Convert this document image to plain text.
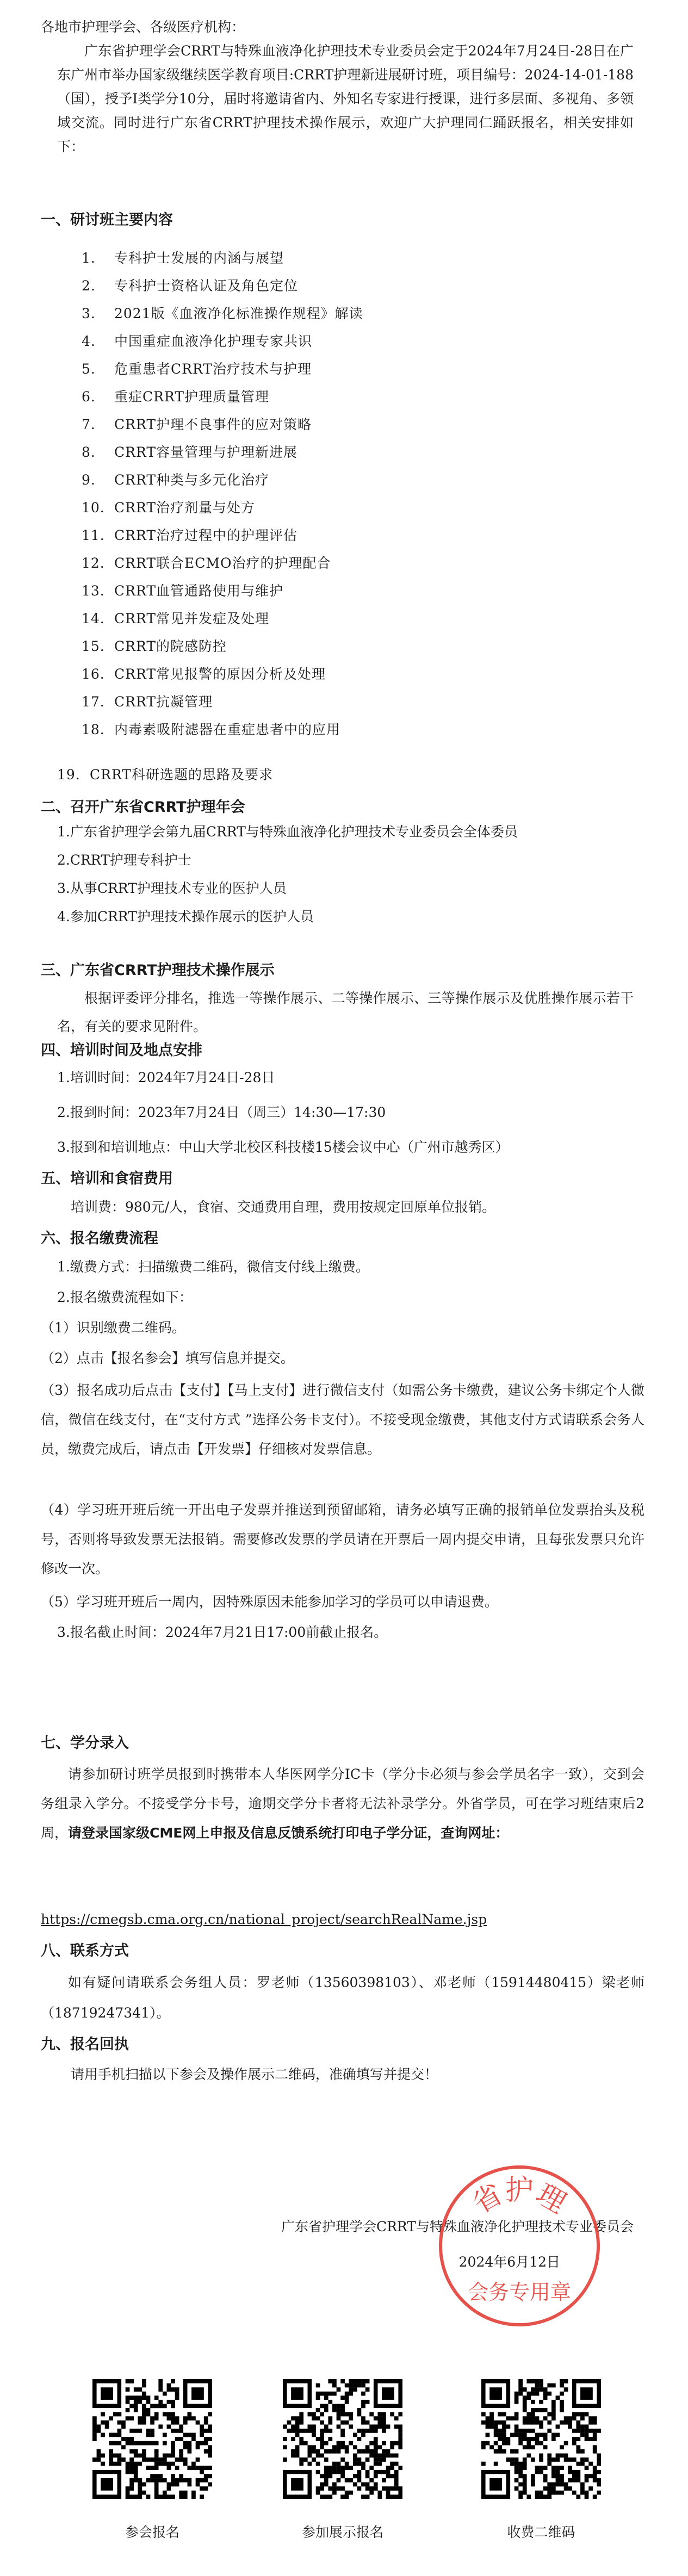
各地市护理学会、各级医疗机构：
广东省护理学会CRRT与特殊血液净化护理技术专业委员会定于2024年7月24日-28日在广东广州市举办国家级继续医学教育项目:CRRT护理新进展研讨班，项目编号：2024-14-01-188（国），授予I类学分10分，届时将邀请省内、外知名专家进行授课，进行多层面、多视角、多领域交流。同时进行广东省CRRT护理技术操作展示，欢迎广大护理同仁踊跃报名，相关安排如下：
一、研讨班主要内容
1. 专科护士发展的内涵与展望
2. 专科护士资格认证及角色定位
3. 2021版《血液净化标准操作规程》解读
4. 中国重症血液净化护理专家共识
5. 危重患者CRRT治疗技术与护理
6. 重症CRRT护理质量管理
7. CRRT护理不良事件的应对策略
8. CRRT容量管理与护理新进展
9. CRRT种类与多元化治疗
10. CRRT治疗剂量与处方
11. CRRT治疗过程中的护理评估
12. CRRT联合ECMO治疗的护理配合
13. CRRT血管通路使用与维护
14. CRRT常见并发症及处理
15. CRRT的院感防控
16. CRRT常见报警的原因分析及处理
17. CRRT抗凝管理
18. 内毒素吸附滤器在重症患者中的应用
19. CRRT科研选题的思路及要求
二、召开广东省CRRT护理年会
1.广东省护理学会第九届CRRT与特殊血液净化护理技术专业委员会全体委员
2.CRRT护理专科护士
3.从事CRRT护理技术专业的医护人员
4.参加CRRT护理技术操作展示的医护人员
三、广东省CRRT护理技术操作展示
根据评委评分排名，推选一等操作展示、二等操作展示、三等操作展示及优胜操作展示若干名，有关的要求见附件。
四、培训时间及地点安排
1.培训时间：2024年7月24日-28日
2.报到时间：2023年7月24日（周三）14:30—17:30
3.报到和培训地点：中山大学北校区科技楼15楼会议中心（广州市越秀区）
五、培训和食宿费用
培训费：980元/人，食宿、交通费用自理，费用按规定回原单位报销。
六、报名缴费流程
1.缴费方式：扫描缴费二维码，微信支付线上缴费。
2.报名缴费流程如下：
（1）识别缴费二维码。
（2）点击【报名参会】填写信息并提交。
（3）报名成功后点击【支付】【马上支付】进行微信支付（如需公务卡缴费，建议公务卡绑定个人微信，微信在线支付，在“支付方式 ”选择公务卡支付）。不接受现金缴费，其他支付方式请联系会务人员，缴费完成后，请点击【开发票】仔细核对发票信息。
（4）学习班开班后统一开出电子发票并推送到预留邮箱，请务必填写正确的报销单位发票抬头及税号，否则将导致发票无法报销。需要修改发票的学员请在开票后一周内提交申请，且每张发票只允许修改一次。
（5）学习班开班后一周内，因特殊原因未能参加学习的学员可以申请退费。
3.报名截止时间：2024年7月21日17:00前截止报名。
七、学分录入
请参加研讨班学员报到时携带本人华医网学分IC卡（学分卡必须与参会学员名字一致），交到会务组录入学分。不接受学分卡号，逾期交学分卡者将无法补录学分。外省学员，可在学习班结束后2周，请登录国家级CME网上申报及信息反馈系统打印电子学分证，查询网址：
https://cmegsb.cma.org.cn/national_project/searchRealName.jsp
八、联系方式
如有疑问请联系会务组人员：罗老师（13560398103）、邓老师（15914480415）梁老师（18719247341）。
九、报名回执
请用手机扫描以下参会及操作展示二维码，准确填写并提交！
广东省护理学会CRRT与特殊血液净化护理技术专业委员会
2024年6月12日
省护理
会务专用章
参会报名	参加展示报名	收费二维码
